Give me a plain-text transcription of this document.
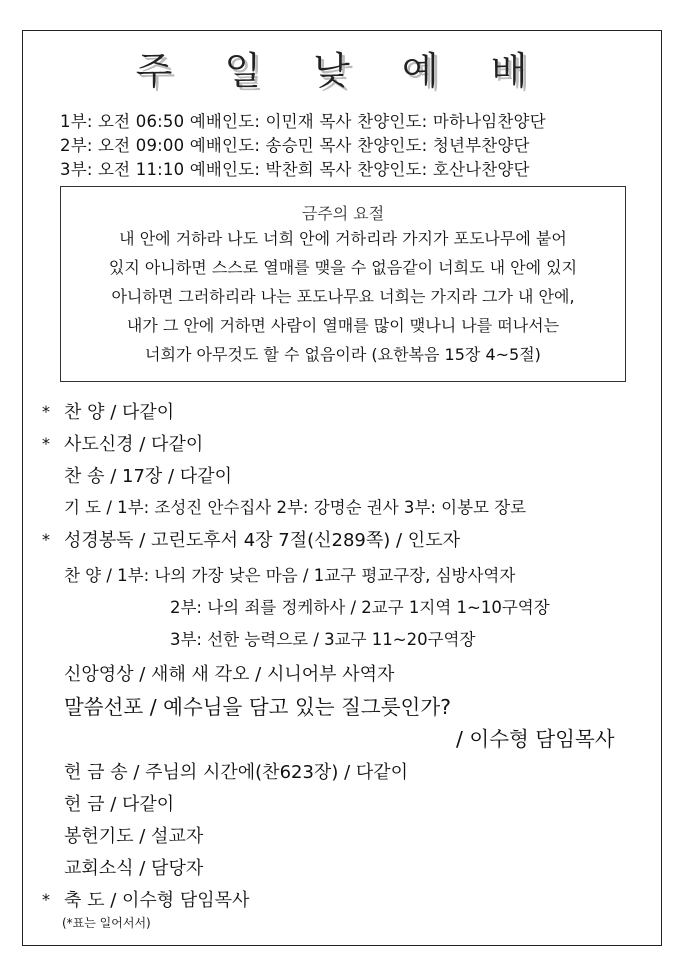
주 일 낮 예 배
1부: 오전 06:50 예배인도: 이민재 목사 찬양인도: 마하나임찬양단
2부: 오전 09:00 예배인도: 송승민 목사 찬양인도: 청년부찬양단
3부: 오전 11:10 예배인도: 박찬희 목사 찬양인도: 호산나찬양단
금주의 요절
내 안에 거하라 나도 너희 안에 거하리라 가지가 포도나무에 붙어
있지 아니하면 스스로 열매를 맺을 수 없음같이 너희도 내 안에 있지
아니하면 그러하리라 나는 포도나무요 너희는 가지라 그가 내 안에,
내가 그 안에 거하면 사람이 열매를 많이 맺나니 나를 떠나서는
너희가 아무것도 할 수 없음이라 (요한복음 15장 4~5절)
* 찬 양 / 다같이
* 사도신경 / 다같이
찬 송 / 17장 / 다같이
기 도 / 1부: 조성진 안수집사 2부: 강명순 권사 3부: 이봉모 장로
* 성경봉독 / 고린도후서 4장 7절(신289쪽) / 인도자
찬 양 / 1부: 나의 가장 낮은 마음 / 1교구 평교구장, 심방사역자
2부: 나의 죄를 정케하사 / 2교구 1지역 1~10구역장
3부: 선한 능력으로 / 3교구 11~20구역장
신앙영상 / 새해 새 각오 / 시니어부 사역자
말씀선포 / 예수님을 담고 있는 질그릇인가?
/ 이수형 담임목사
헌 금 송 / 주님의 시간에(찬623장) / 다같이
헌 금 / 다같이
봉헌기도 / 설교자
교회소식 / 담당자
* 축 도 / 이수형 담임목사
(*표는 일어서서)
